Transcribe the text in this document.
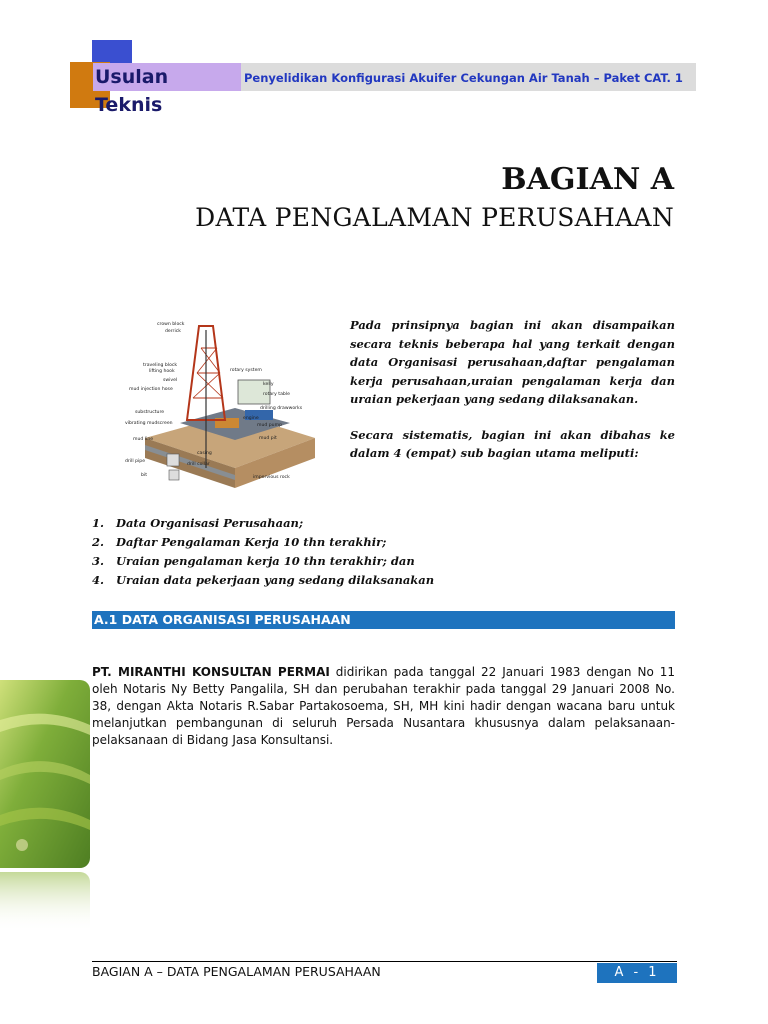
Usulan Teknis
Penyelidikan Konfigurasi Akuifer Cekungan Air Tanah – Paket CAT. 1
BAGIAN A
DATA PENGALAMAN PERUSAHAAN
crown block
derrick
traveling block
lifting hook
swivel
mud injection hose
substructure
vibrating mudscreen
mud line
drill pipe
bit
rotary system
kelly
rotary table
drilling drawworks
engine
mud pump
mud pit
casing
drill collar
impervious rock

Pada prinsipnya bagian ini akan disampaikan secara teknis beberapa hal yang terkait dengan data Organisasi perusahaan,daftar pengalaman kerja perusahaan,uraian pengalaman kerja dan uraian pekerjaan yang sedang dilaksanakan.

Secara sistematis, bagian ini akan dibahas ke dalam 4 (empat) sub bagian utama meliputi:

1. Data Organisasi Perusahaan;
2. Daftar Pengalaman Kerja 10 thn terakhir;
3. Uraian pengalaman kerja 10 thn terakhir; dan
4. Uraian data pekerjaan yang sedang dilaksanakan
A.1 DATA ORGANISASI PERUSAHAAN
PT. MIRANTHI KONSULTAN PERMAI didirikan pada tanggal 22 Januari 1983 dengan No 11 oleh Notaris Ny Betty Pangalila, SH dan perubahan terakhir pada tanggal 29 Januari 2008 No. 38, dengan Akta Notaris R.Sabar Partakosoema, SH, MH kini hadir dengan wacana baru untuk melanjutkan pembangunan di seluruh Persada Nusantara khususnya dalam pelaksanaan-pelaksanaan di Bidang Jasa Konsultansi.
BAGIAN A – DATA PENGALAMAN PERUSAHAAN	A - 1
